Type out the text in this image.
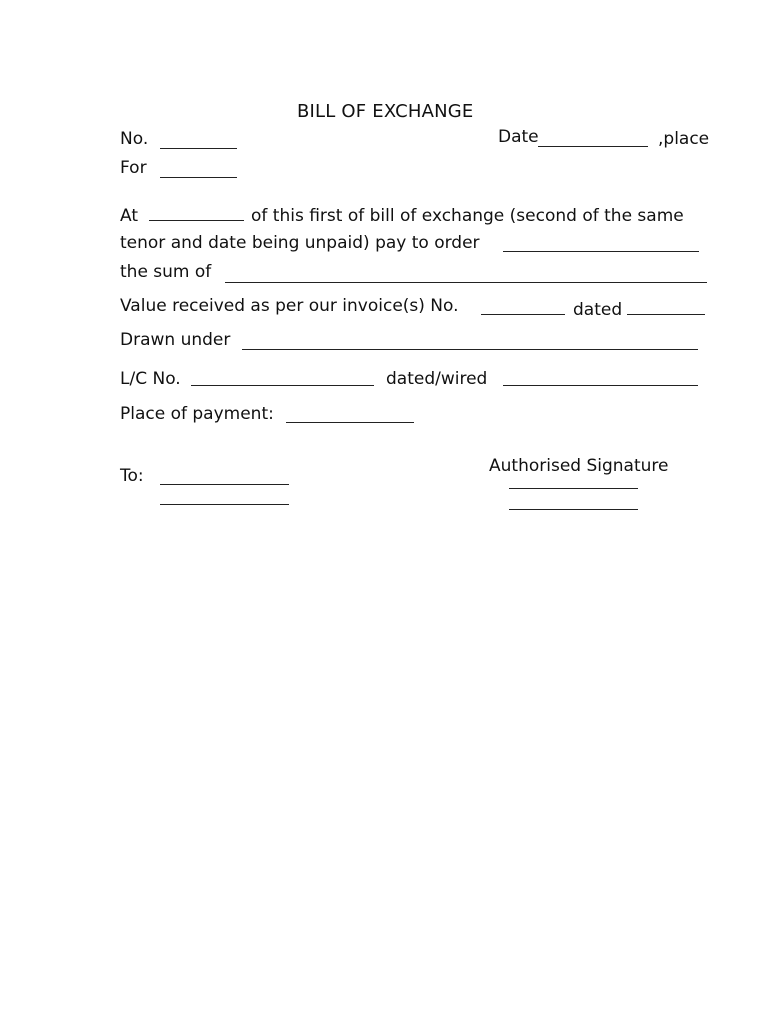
BILL OF EXCHANGE
No.	Date	,place
For
At	of this first of bill of exchange (second of the same
tenor and date being unpaid) pay to order
the sum of
Value received as per our invoice(s) No.	dated
Drawn under
L/C No.	dated/wired
Place of payment:
Authorised Signature
To:
